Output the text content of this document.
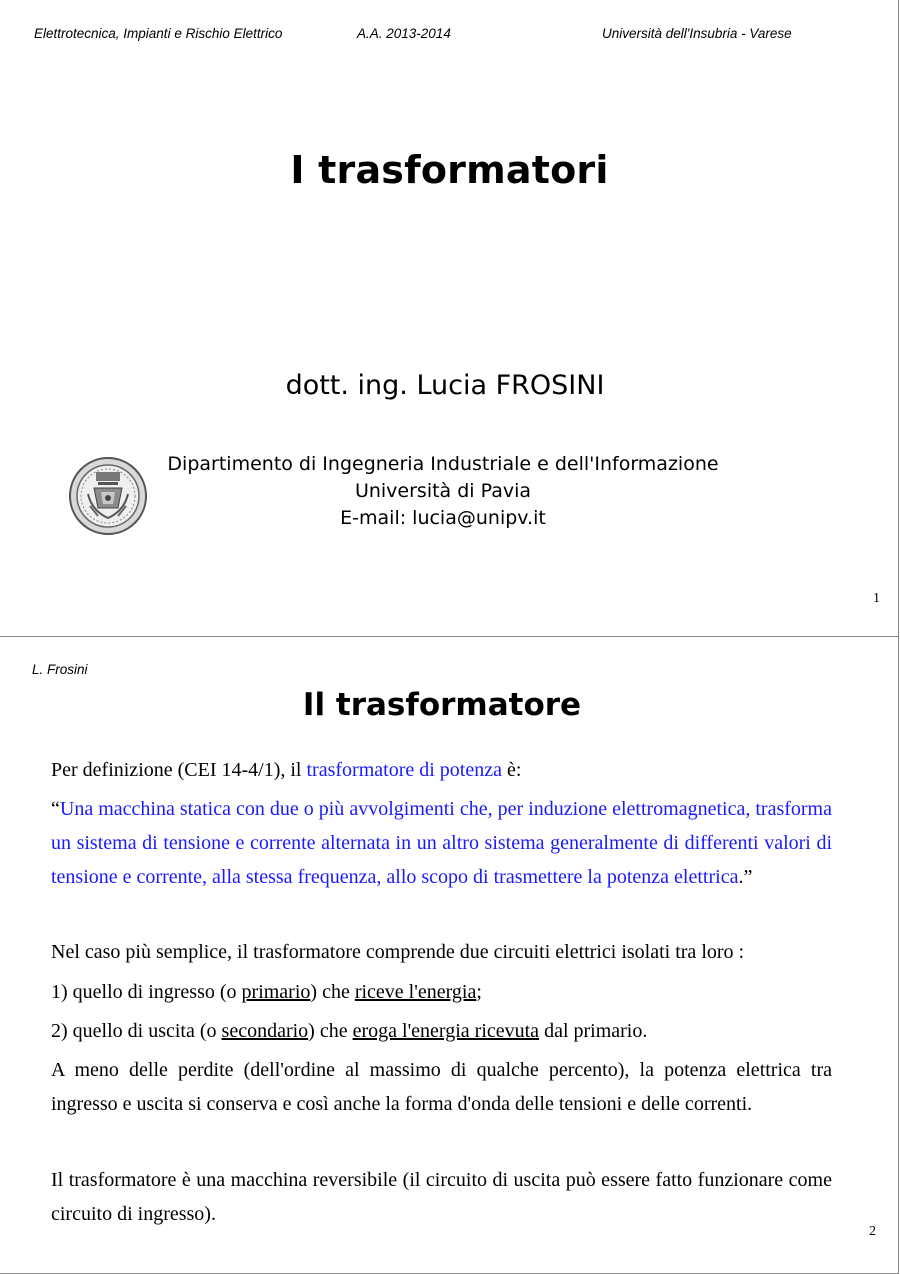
Elettrotecnica, Impianti e Rischio Elettrico	A.A. 2013-2014	Università dell'Insubria - Varese
I trasformatori
dott. ing. Lucia FROSINI
Dipartimento di Ingegneria Industriale e dell'Informazione
Università di Pavia
E-mail: lucia@unipv.it
1
L. Frosini
Il trasformatore
Per definizione (CEI 14-4/1), il trasformatore di potenza è:
“Una macchina statica con due o più avvolgimenti che, per induzione elettromagnetica, trasforma un sistema di tensione e corrente alternata in un altro sistema generalmente di differenti valori di tensione e corrente, alla stessa frequenza, allo scopo di trasmettere la potenza elettrica.”
Nel caso più semplice, il trasformatore comprende due circuiti elettrici isolati tra loro :
1) quello di ingresso (o primario) che riceve l'energia;
2) quello di uscita (o secondario) che eroga l'energia ricevuta dal primario.
A meno delle perdite (dell'ordine al massimo di qualche percento), la potenza elettrica tra ingresso e uscita si conserva e così anche la forma d'onda delle tensioni e delle correnti.
Il trasformatore è una macchina reversibile (il circuito di uscita può essere fatto funzionare come circuito di ingresso).
2
